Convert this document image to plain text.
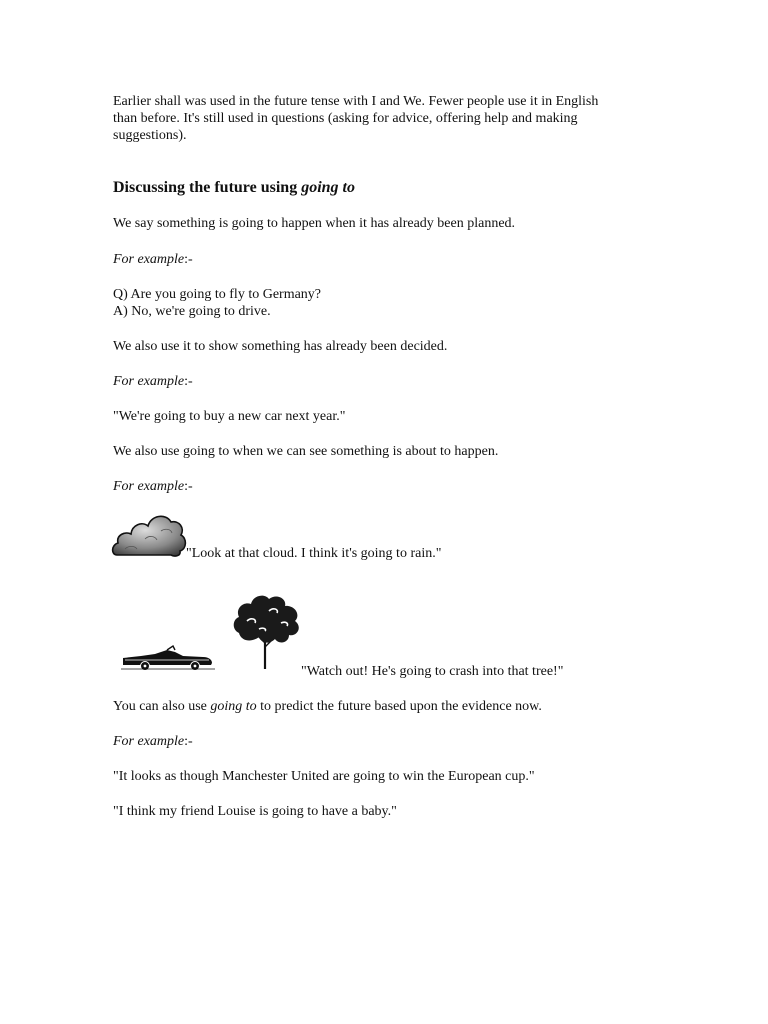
Earlier shall was used in the future tense with I and We. Fewer people use it in English
than before. It's still used in questions (asking for advice, offering help and making
suggestions).
Discussing the future using going to
We say something is going to happen when it has already been planned.
For example:-
Q) Are you going to fly to Germany?
A) No, we're going to drive.
We also use it to show something has already been decided.
For example:-
"We're going to buy a new car next year."
We also use going to when we can see something is about to happen.
For example:-
"Look at that cloud. I think it's going to rain."
"Watch out! He's going to crash into that tree!"
You can also use going to to predict the future based upon the evidence now.
For example:-
"It looks as though Manchester United are going to win the European cup."
"I think my friend Louise is going to have a baby."
